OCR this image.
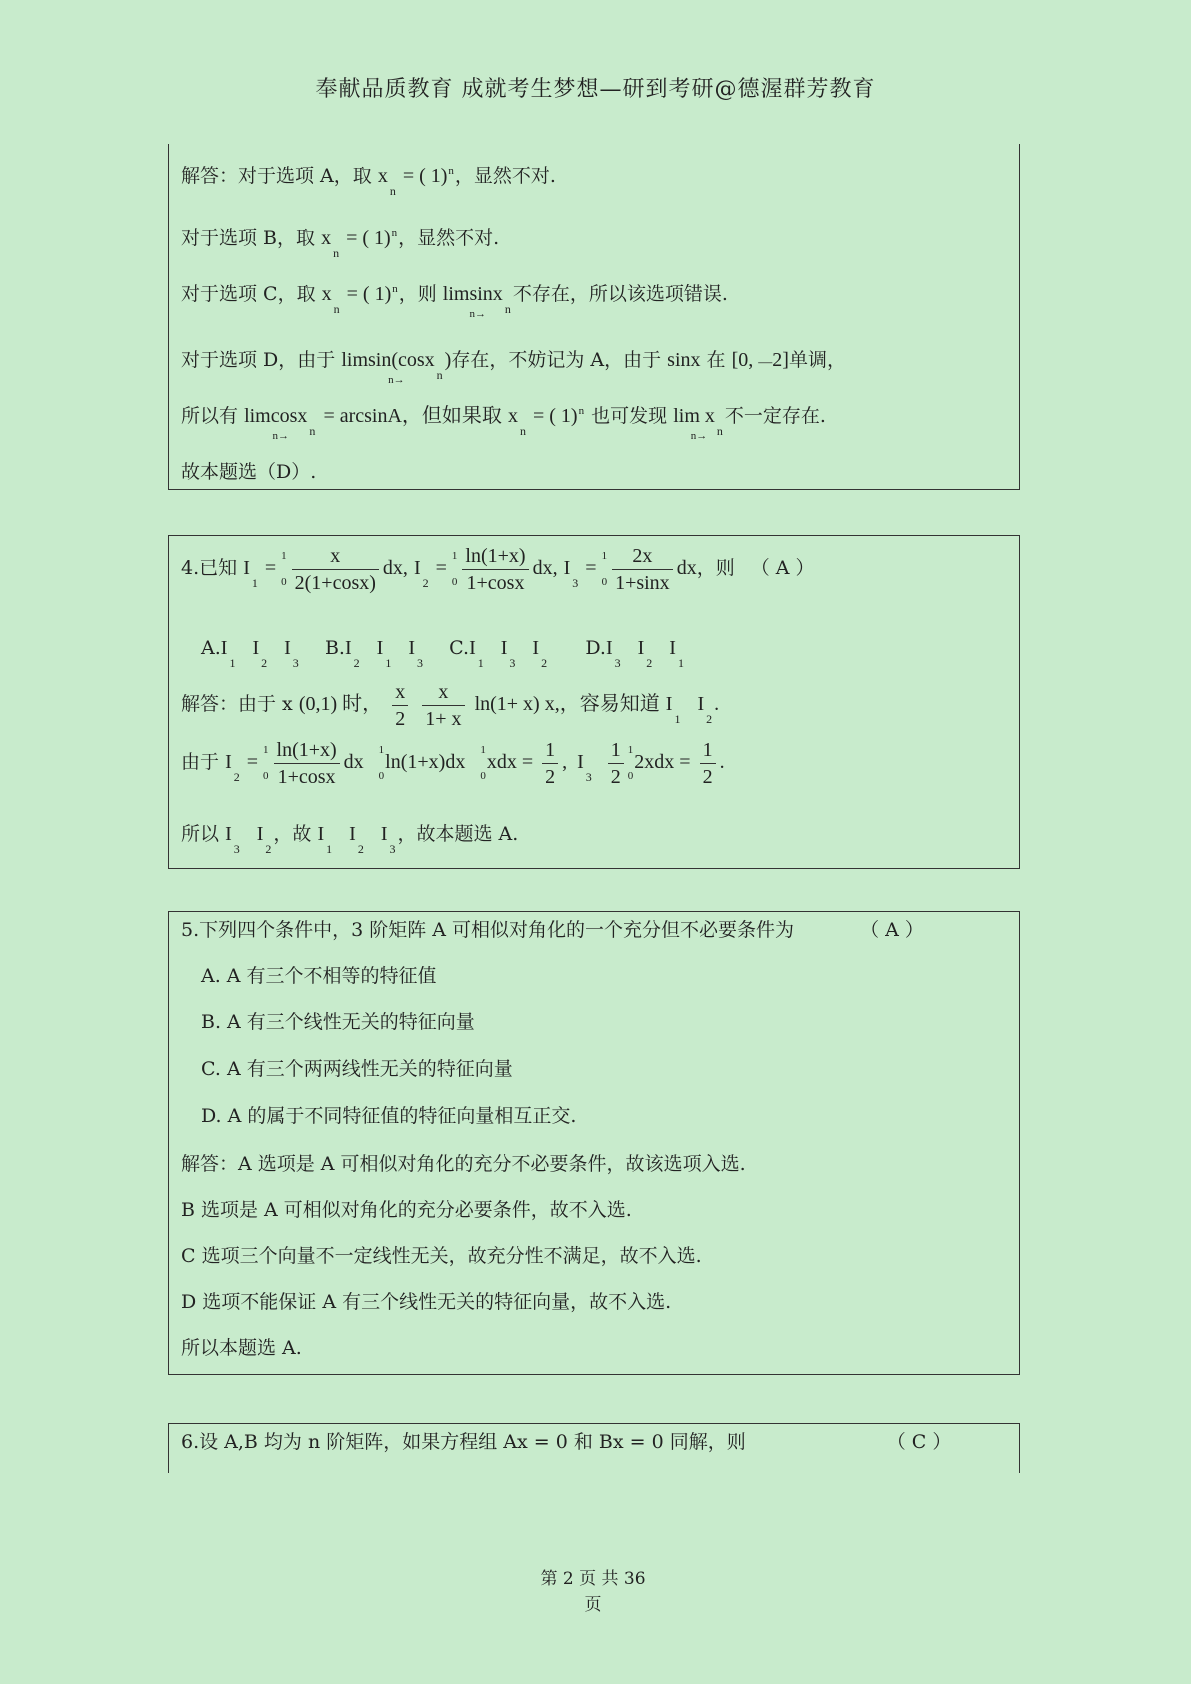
奉献品质教育 成就考生梦想—研到考研@德渥群芳教育
解答：对于选项 A，取 $x_n$ = ( 1)$^n$，显然不对.
对于选项 B，取 $x_n$ = ( 1)$^n$，显然不对.
对于选项 C，取 $x_n$ = ( 1)$^n$，则 limsinx$_n$
n→
不存在，所以该选项错误.
对于选项 D，由于 limsin(cosx$_n$)
n→
存在，不妨记为 A，由于 sinx 在 [0, —2]单调，
所以有 limcosx$_n$
n→
= arcsinA，但如果取 $x_n$ = ( 1)$^n$ 也可发现 $\lim x_n$
n→
不一定存在.
故本题选（D）.
4.已知 $I_1 = 1$
$0 \frac{x}{2(1+\cos x)}$ dx, $I_2 = 1$
$0 \frac{\ln(1+x)}{1+\cos x}$ dx, $I_3 = 1$
$0 \frac{2x}{1+\sin x}$ dx，则 （ A ）
$A.I_1$   $I_2$   $I_3$    $B.I_2$   $I_1$   $I_3$    $C.I_1$   $I_3$   $I_2$      $D.I_3$   $I_2$   $I_1$
解答：由于 x (0,1) 时， $\frac{x}{2}$
$\frac{x}{1+ x} \ln(1+ x)$ x,，容易知道 $I_1$   $I_2$.
由于 $I_2 = 1$
$0 \frac{\ln(1+x)}{1+\cos x}$ dx   1
0ln(1+x)dx   1
$0xdx = \frac{1}{2}$ ,  $I_3 \frac{1}{2} 1$
$02xdx = \frac{1}{2}$ .
所以 $I_3$   $I_2$，故 $I_1$   $I_2$   $I_3$，故本题选 A.
5.下列四个条件中，3 阶矩阵 A 可相似对角化的一个充分但不必要条件为	（ A ）
A. A 有三个不相等的特征值
B. A 有三个线性无关的特征向量
C. A 有三个两两线性无关的特征向量
D. A 的属于不同特征值的特征向量相互正交.
解答：A 选项是 A 可相似对角化的充分不必要条件，故该选项入选.
B 选项是 A 可相似对角化的充分必要条件，故不入选.
C 选项三个向量不一定线性无关，故充分性不满足，故不入选.
D 选项不能保证 A 有三个线性无关的特征向量，故不入选.
所以本题选 A.
6.设 A,B 均为 n 阶矩阵，如果方程组 Ax = 0 和 Bx = 0 同解，则	（ C ）
第 2 页 共 36
页
